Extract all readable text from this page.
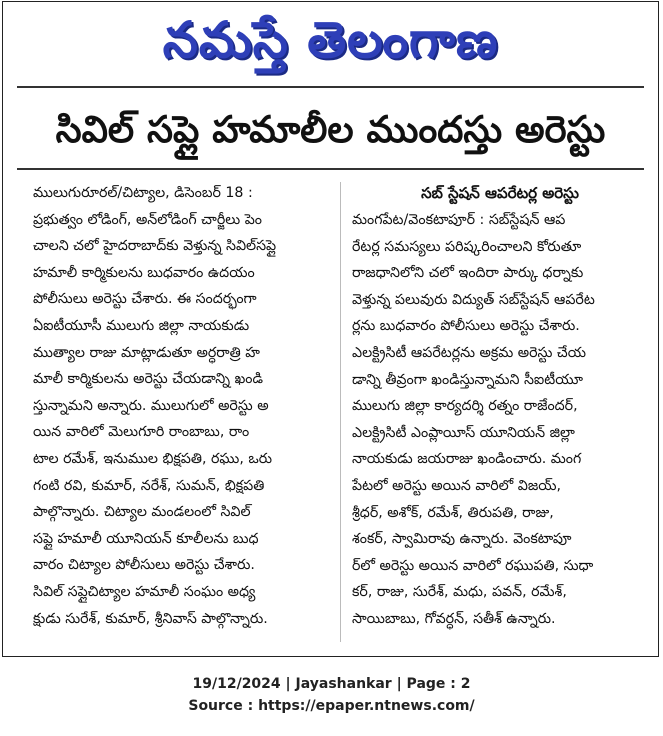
నమస్తే తెలంగాణ
సివిల్ సప్లై హమాలీల ముందస్తు అరెస్టు

ములుగురూరల్/చిట్యాల, డిసెంబర్ 18 :

ప్రభుత్వం లోడింగ్, అన్‌లోడింగ్ చార్జీలు పెం

చాలని చలో హైదరాబాద్‌కు వెళ్తున్న సివిల్‌సప్లై

హమాలీ కార్మికులను బుధవారం ఉదయం

పోలీసులు అరెస్టు చేశారు. ఈ సందర్భంగా

ఏఐటీయూసీ ములుగు జిల్లా నాయకుడు

ముత్యాల రాజు మాట్లాడుతూ అర్ధరాత్రి హ

మాలీ కార్మికులను అరెస్టు చేయడాన్ని ఖండి

స్తున్నామని అన్నారు. ములుగులో అరెస్టు అ

యిన వారిలో మెలుగూరి రాంబాబు, రాం

టాల రమేశ్, ఇనుముల భిక్షపతి, రఘు, ఒరు

గంటి రవి, కుమార్, నరేశ్, సుమన్, భిక్షపతి

పాల్గొన్నారు. చిట్యాల మండలంలో సివిల్

సప్లై హమాలీ యూనియన్ కూలీలను బుధ

వారం చిట్యాల పోలీసులు అరెస్టు చేశారు.

సివిల్ సప్లైచిట్యాల హమాలీ సంఘం అధ్య

క్షుడు సురేశ్, కుమార్, శ్రీనివాస్ పాల్గొన్నారు.

సబ్ స్టేషన్ ఆపరేటర్ల అరెస్టు

మంగపేట/వెంకటాపూర్ : సబ్‌స్టేషన్ ఆప

రేటర్ల సమస్యలు పరిష్కరించాలని కోరుతూ

రాజధానిలోని చలో ఇందిరా పార్కు ధర్నాకు

వెళ్తున్న పలువురు విద్యుత్ సబ్‌స్టేషన్ ఆపరేట

ర్లను బుధవారం పోలీసులు అరెస్టు చేశారు.

ఎలక్ట్రిసిటీ ఆపరేటర్లను అక్రమ అరెస్టు చేయ

డాన్ని తీవ్రంగా ఖండిస్తున్నామని సీఐటీయూ

ములుగు జిల్లా కార్యదర్శి రత్నం రాజేందర్,

ఎలక్ట్రిసిటీ ఎంప్లాయీస్ యూనియన్ జిల్లా

నాయకుడు జయరాజు ఖండించారు. మంగ

పేటలో అరెస్టు అయిన వారిలో విజయ్,

శ్రీధర్, అశోక్, రమేశ్, తిరుపతి, రాజు,

శంకర్, స్వామిరావు ఉన్నారు. వెంకటాపూ

ర్‌లో అరెస్టు అయిన వారిలో రఘుపతి, సుధా

కర్, రాజు, సురేశ్, మధు, పవన్, రమేశ్,

సాయిబాబు, గోవర్ధన్, సతీశ్ ఉన్నారు.

19/12/2024 | Jayashankar | Page : 2
Source : https://epaper.ntnews.com/
